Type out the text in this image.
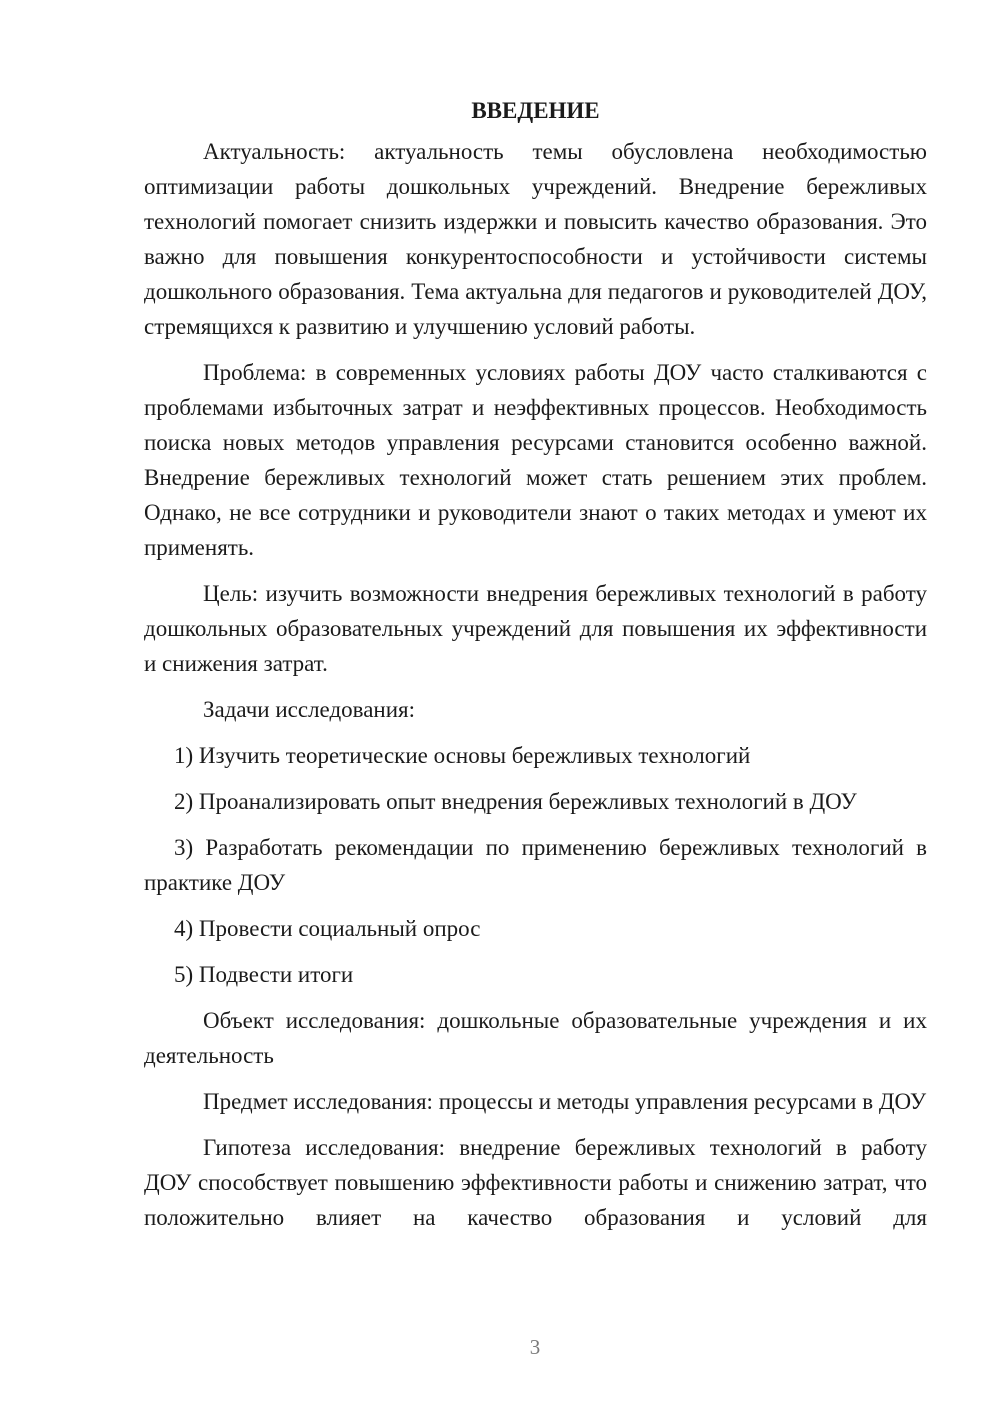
ВВЕДЕНИЕ

Актуальность: актуальность темы обусловлена необходимостью оптимизации работы дошкольных учреждений. Внедрение бережливых технологий помогает снизить издержки и повысить качество образования. Это важно для повышения конкурентоспособности и устойчивости системы дошкольного образования. Тема актуальна для педагогов и руководителей ДОУ, стремящихся к развитию и улучшению условий работы.

Проблема: в современных условиях работы ДОУ часто сталкиваются с проблемами избыточных затрат и неэффективных процессов. Необходимость поиска новых методов управления ресурсами становится особенно важной. Внедрение бережливых технологий может стать решением этих проблем. Однако, не все сотрудники и руководители знают о таких методах и умеют их применять.

Цель: изучить возможности внедрения бережливых технологий в работу дошкольных образовательных учреждений для повышения их эффективности и снижения затрат.

Задачи исследования:

1) Изучить теоретические основы бережливых технологий

2) Проанализировать опыт внедрения бережливых технологий в ДОУ

3) Разработать рекомендации по применению бережливых технологий в практике ДОУ

4) Провести социальный опрос

5) Подвести итоги

Объект исследования: дошкольные образовательные учреждения и их деятельность

Предмет исследования: процессы и методы управления ресурсами в ДОУ

Гипотеза исследования: внедрение бережливых технологий в работу ДОУ способствует повышению эффективности работы и снижению затрат, что положительно влияет на качество образования и условий для

3
